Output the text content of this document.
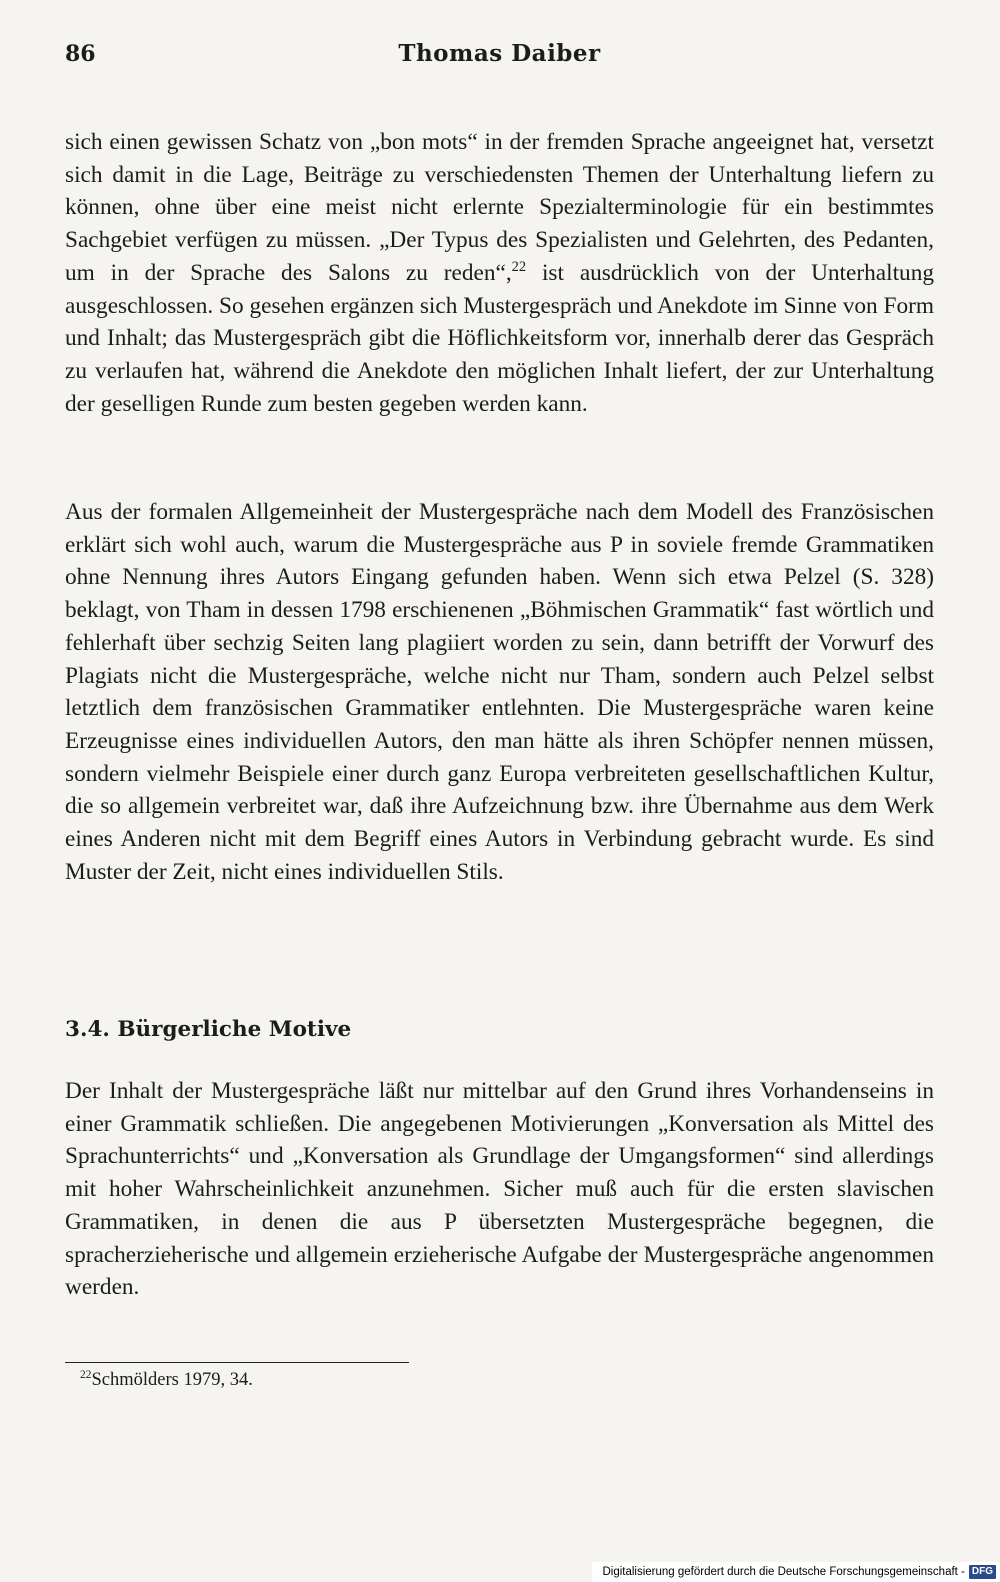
86	Thomas Daiber

sich einen gewissen Schatz von „bon mots“ in der fremden Sprache angeeignet hat, versetzt sich damit in die Lage, Beiträge zu verschiedensten Themen der Unterhaltung liefern zu können, ohne über eine meist nicht erlernte Spezialterminologie für ein bestimmtes Sachgebiet verfügen zu müssen. „Der Typus des Spezialisten und Gelehrten, des Pedanten, um in der Sprache des Salons zu reden“,$^{22}$ ist ausdrücklich von der Unterhaltung ausgeschlossen. So gesehen ergänzen sich Mustergespräch und Anekdote im Sinne von Form und Inhalt; das Mustergespräch gibt die Höflichkeitsform vor, innerhalb derer das Gespräch zu verlaufen hat, während die Anekdote den möglichen Inhalt liefert, der zur Unterhaltung der geselligen Runde zum besten gegeben werden kann.

Aus der formalen Allgemeinheit der Mustergespräche nach dem Modell des Französischen erklärt sich wohl auch, warum die Mustergespräche aus P in soviele fremde Grammatiken ohne Nennung ihres Autors Eingang gefunden haben. Wenn sich etwa Pelzel (S. 328) beklagt, von Tham in dessen 1798 erschienenen „Böhmischen Grammatik“ fast wörtlich und fehlerhaft über sechzig Seiten lang plagiiert worden zu sein, dann betrifft der Vorwurf des Plagiats nicht die Mustergespräche, welche nicht nur Tham, sondern auch Pelzel selbst letztlich dem französischen Grammatiker entlehnten. Die Mustergespräche waren keine Erzeugnisse eines individuellen Autors, den man hätte als ihren Schöpfer nennen müssen, sondern vielmehr Beispiele einer durch ganz Europa verbreiteten gesellschaftlichen Kultur, die so allgemein verbreitet war, daß ihre Aufzeichnung bzw. ihre Übernahme aus dem Werk eines Anderen nicht mit dem Begriff eines Autors in Verbindung gebracht wurde. Es sind Muster der Zeit, nicht eines individuellen Stils.

3.4. Bürgerliche Motive

Der Inhalt der Mustergespräche läßt nur mittelbar auf den Grund ihres Vorhandenseins in einer Grammatik schließen. Die angegebenen Motivierungen „Konversation als Mittel des Sprachunterrichts“ und „Konversation als Grundlage der Umgangsformen“ sind allerdings mit hoher Wahrscheinlichkeit anzunehmen. Sicher muß auch für die ersten slavischen Grammatiken, in denen die aus P übersetzten Mustergespräche begegnen, die spracherzieherische und allgemein erzieherische Aufgabe der Mustergespräche angenommen werden.

$^{22}$Schmölders 1979, 34.
Digitalisierung gefördert durch die Deutsche Forschungsgemeinschaft - DFG
